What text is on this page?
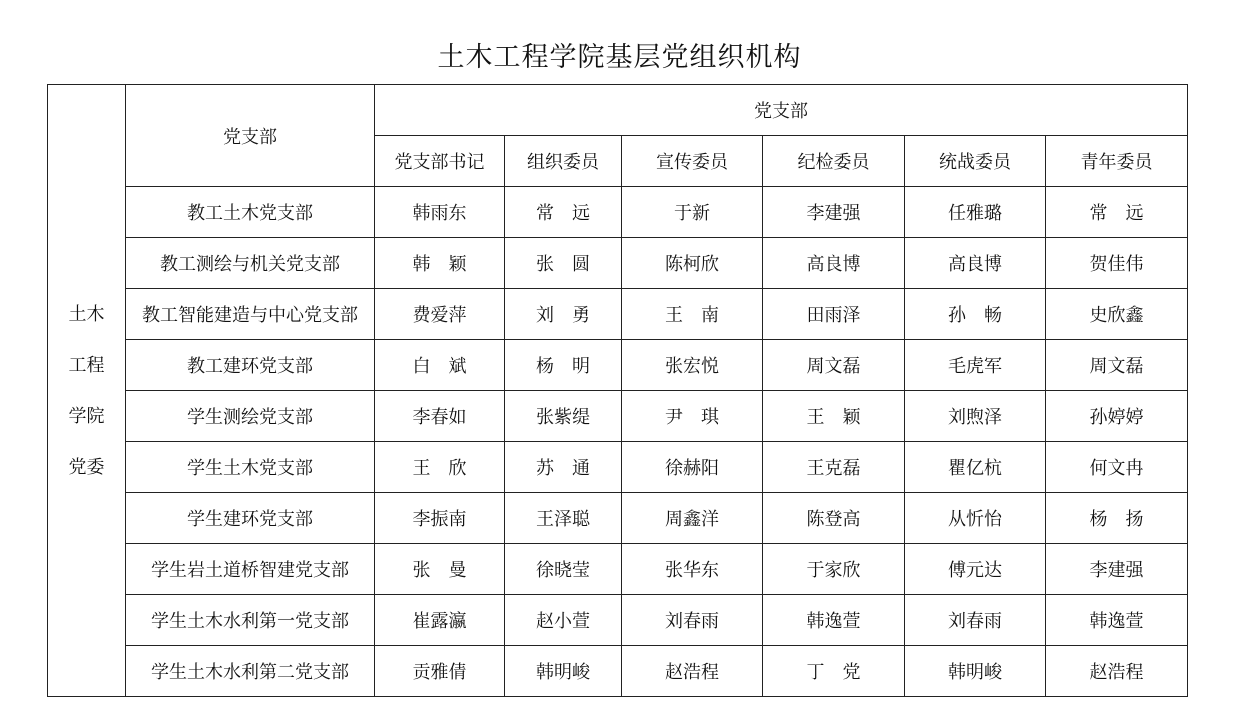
土木工程学院基层党组织机构
土木
工程
学院
党委	党支部	党支部					
		党支部书记	组织委员	宣传委员	纪检委员	统战委员	青年委员
	教工土木党支部	韩雨东	常　远	于新	李建强	任雅璐	常　远
	教工测绘与机关党支部	韩　颖	张　圆	陈柯欣	高良博	高良博	贺佳伟
	教工智能建造与中心党支部	费爱萍	刘　勇	王　南	田雨泽	孙　畅	史欣鑫
	教工建环党支部	白　斌	杨　明	张宏悦	周文磊	毛虎军	周文磊
	学生测绘党支部	李春如	张紫缇	尹　琪	王　颖	刘煦泽	孙婷婷
	学生土木党支部	王　欣	苏　通	徐赫阳	王克磊	瞿亿杭	何文冉
	学生建环党支部	李振南	王泽聪	周鑫洋	陈登高	从忻怡	杨　扬
	学生岩土道桥智建党支部	张　曼	徐晓莹	张华东	于家欣	傅元达	李建强
	学生土木水利第一党支部	崔露瀛	赵小萱	刘春雨	韩逸萱	刘春雨	韩逸萱
	学生土木水利第二党支部	贡雅倩	韩明峻	赵浩程	丁　党	韩明峻	赵浩程
